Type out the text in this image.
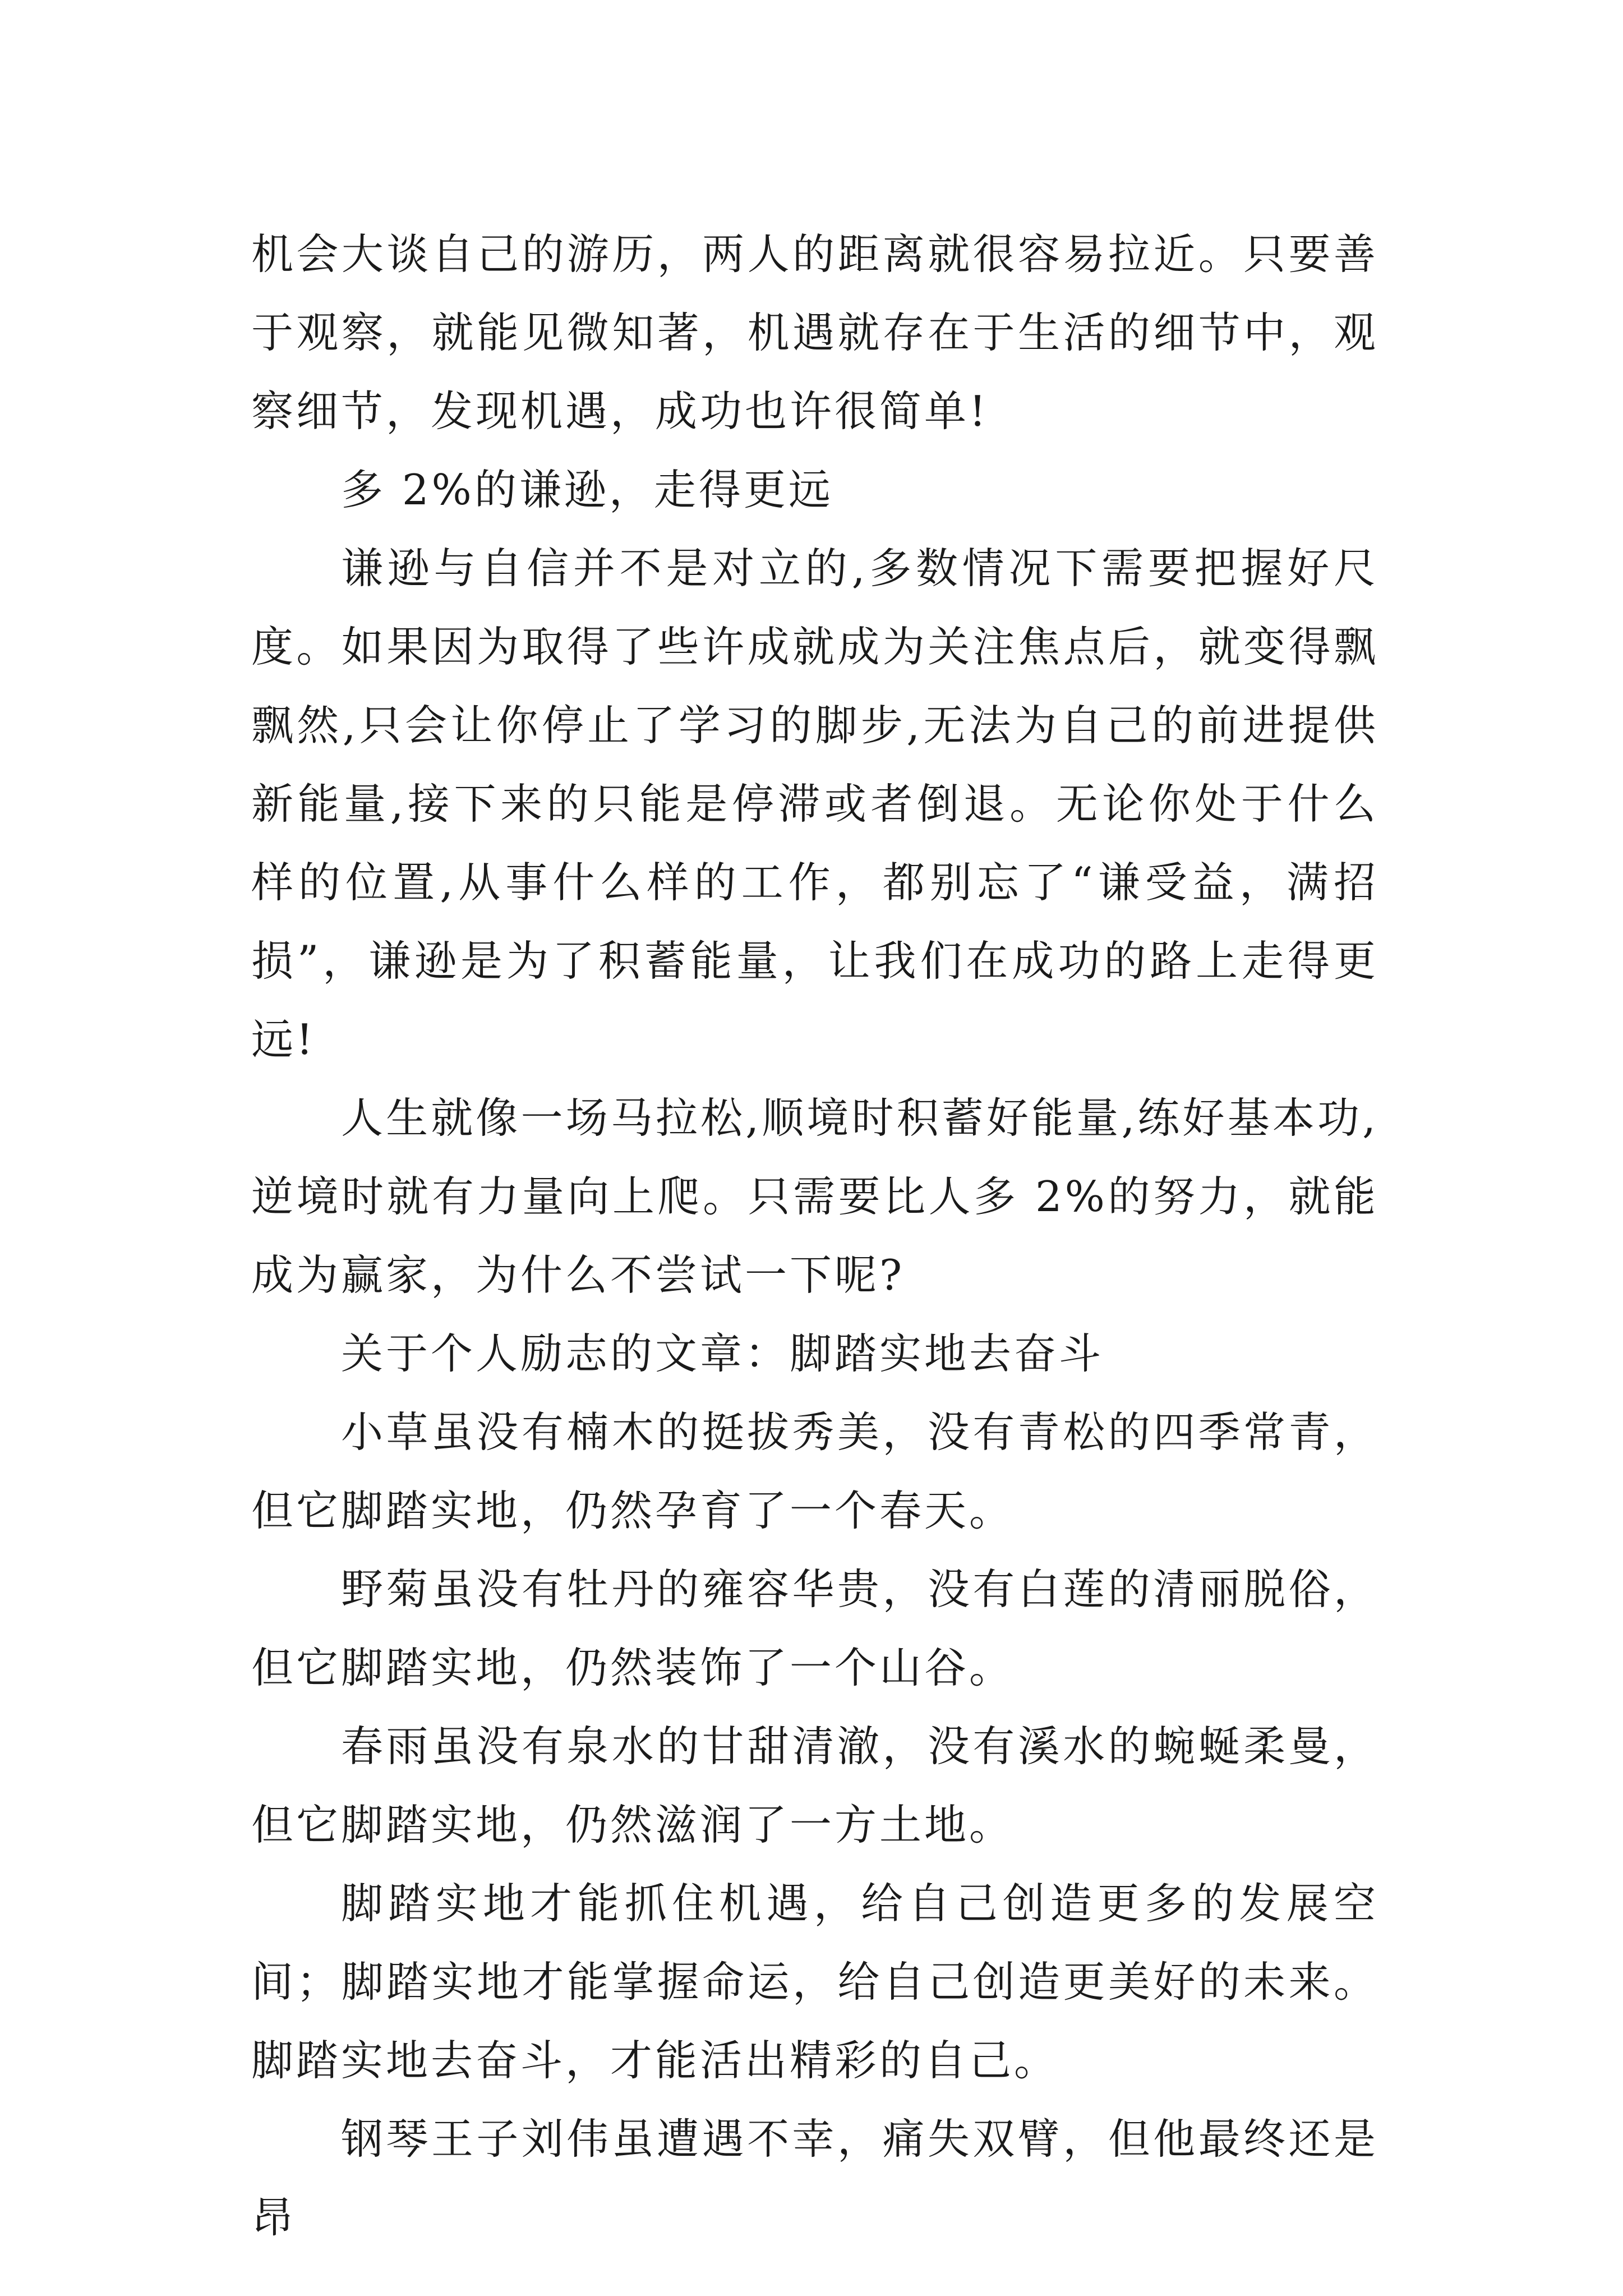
机会大谈自己的游历，两人的距离就很容易拉近。只要善于观察，就能见微知著，机遇就存在于生活的细节中，观察细节，发现机遇，成功也许很简单!

多 2%的谦逊，走得更远

谦逊与自信并不是对立的,多数情况下需要把握好尺度。如果因为取得了些许成就成为关注焦点后，就变得飘飘然,只会让你停止了学习的脚步,无法为自己的前进提供新能量,接下来的只能是停滞或者倒退。无论你处于什么样的位置,从事什么样的工作，都别忘了“谦受益，满招损”，谦逊是为了积蓄能量，让我们在成功的路上走得更远!

人生就像一场马拉松,顺境时积蓄好能量,练好基本功,逆境时就有力量向上爬。只需要比人多 2%的努力，就能成为赢家，为什么不尝试一下呢?

关于个人励志的文章：脚踏实地去奋斗

小草虽没有楠木的挺拔秀美，没有青松的四季常青，但它脚踏实地，仍然孕育了一个春天。

野菊虽没有牡丹的雍容华贵，没有白莲的清丽脱俗，但它脚踏实地，仍然装饰了一个山谷。

春雨虽没有泉水的甘甜清澈，没有溪水的蜿蜒柔曼，但它脚踏实地，仍然滋润了一方土地。

脚踏实地才能抓住机遇，给自己创造更多的发展空间；脚踏实地才能掌握命运，给自己创造更美好的未来。脚踏实地去奋斗，才能活出精彩的自己。

钢琴王子刘伟虽遭遇不幸，痛失双臂，但他最终还是昂
